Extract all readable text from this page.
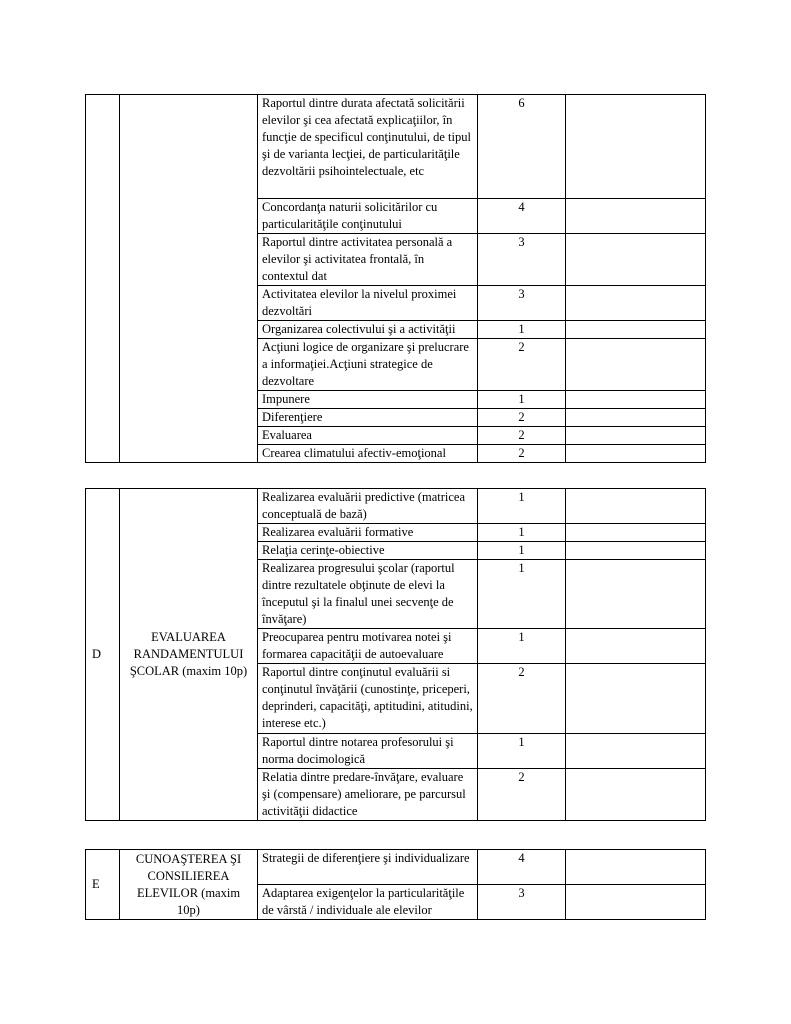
		Raportul dintre durata afectată solicitării elevilor şi cea afectată explicaţiilor, în funcţie de specificul conţinutului, de tipul şi de varianta lecţiei, de particularităţile dezvoltării psihointelectuale, etc	6	
		Concordanţa naturii solicitărilor cu particularităţile conţinutului	4	
		Raportul dintre activitatea personală a elevilor şi activitatea frontală, în contextul dat	3	
		Activitatea elevilor la nivelul proximei dezvoltări	3	
		Organizarea colectivului şi a activităţii	1	
		Acţiuni logice de organizare şi prelucrare a informaţiei.Acţiuni strategice de dezvoltare	2	
		Impunere	1	
		Diferenţiere	2	
		Evaluarea	2	
		Crearea climatului afectiv-emoţional	2	
D	EVALUAREA RANDAMENTULUI ŞCOLAR (maxim 10p)	Realizarea evaluării predictive (matricea conceptuală de bază)	1	
		Realizarea evaluării formative	1	
		Relaţia cerinţe-obiective	1	
		Realizarea progresului şcolar (raportul dintre rezultatele obţinute de elevi la începutul şi la finalul unei secvenţe de învăţare)	1	
		Preocuparea pentru motivarea notei şi formarea capacităţii de autoevaluare	1	
		Raportul dintre conţinutul evaluării si conţinutul învăţării (cunostinţe, priceperi, deprinderi, capacităţi, aptitudini, atitudini, interese etc.)	2	
		Raportul dintre notarea profesorului şi norma docimologică	1	
		Relatia dintre predare-învăţare, evaluare şi (compensare) ameliorare, pe parcursul activităţii didactice	2	
E	CUNOAŞTEREA ŞI CONSILIEREA ELEVILOR (maxim 10p)	Strategii de diferenţiere şi individualizare	4	
		Adaptarea exigenţelor la particularităţile de vârstă / individuale ale elevilor	3	
